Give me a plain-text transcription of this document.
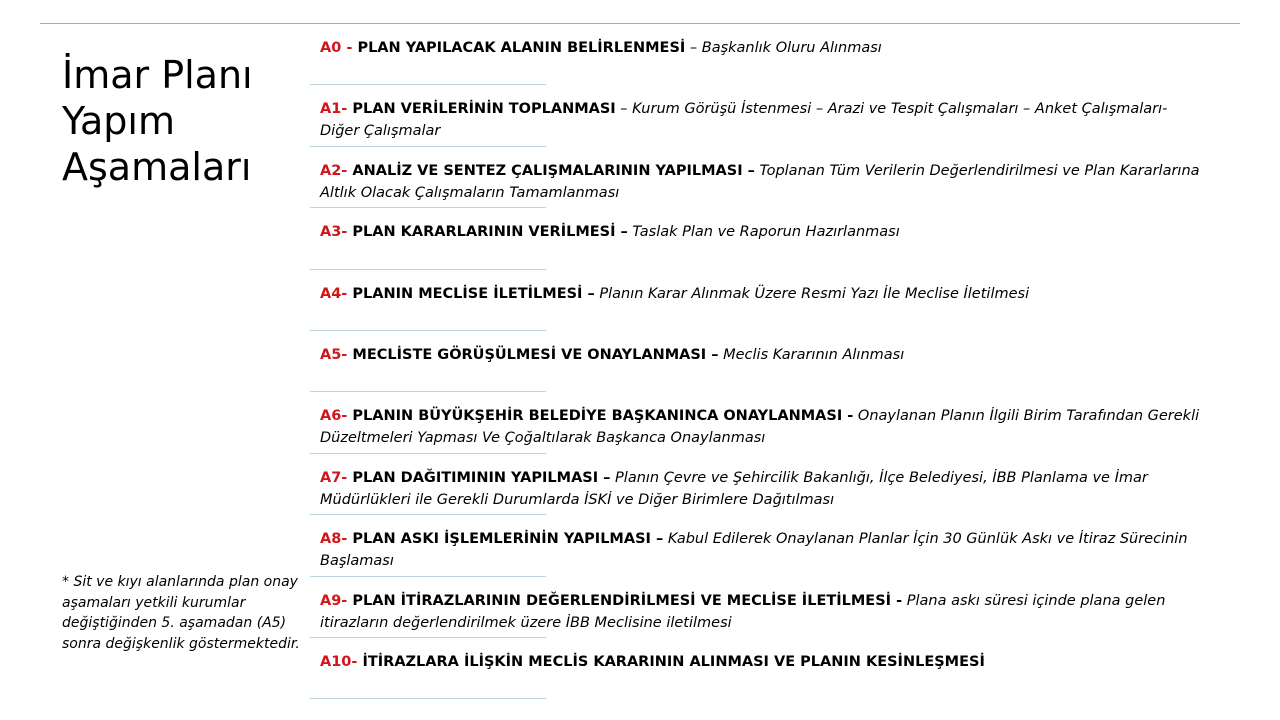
İmar Planı
Yapım
Aşamaları
* Sit ve kıyı alanlarında plan onay aşamaları yetkili kurumlar değiştiğinden 5. aşamadan (A5) sonra değişkenlik göstermektedir.
A0 - PLAN YAPILACAK ALANIN BELİRLENMESİ – Başkanlık Oluru Alınması
A1- PLAN VERİLERİNİN TOPLANMASI – Kurum Görüşü İstenmesi – Arazi ve Tespit Çalışmaları – Anket Çalışmaları- Diğer Çalışmalar
A2- ANALİZ VE SENTEZ ÇALIŞMALARININ YAPILMASI – Toplanan Tüm Verilerin Değerlendirilmesi ve Plan Kararlarına Altlık Olacak Çalışmaların Tamamlanması
A3- PLAN KARARLARININ VERİLMESİ – Taslak Plan ve Raporun Hazırlanması
A4- PLANIN MECLİSE İLETİLMESİ – Planın Karar Alınmak Üzere Resmi Yazı İle Meclise İletilmesi
A5- MECLİSTE GÖRÜŞÜLMESİ VE ONAYLANMASI – Meclis Kararının Alınması
A6- PLANIN BÜYÜKŞEHİR BELEDİYE BAŞKANINCA ONAYLANMASI - Onaylanan Planın İlgili Birim Tarafından Gerekli Düzeltmeleri Yapması Ve Çoğaltılarak Başkanca Onaylanması
A7- PLAN DAĞITIMININ YAPILMASI – Planın Çevre ve Şehircilik Bakanlığı, İlçe Belediyesi, İBB Planlama ve İmar Müdürlükleri ile Gerekli Durumlarda İSKİ ve Diğer Birimlere Dağıtılması
A8- PLAN ASKI İŞLEMLERİNİN YAPILMASI – Kabul Edilerek Onaylanan Planlar İçin 30 Günlük Askı ve İtiraz Sürecinin Başlaması
A9- PLAN İTİRAZLARININ DEĞERLENDİRİLMESİ VE MECLİSE İLETİLMESİ - Plana askı süresi içinde plana gelen itirazların değerlendirilmek üzere İBB Meclisine iletilmesi
A10- İTİRAZLARA İLİŞKİN MECLİS KARARININ ALINMASI VE PLANIN KESİNLEŞMESİ
